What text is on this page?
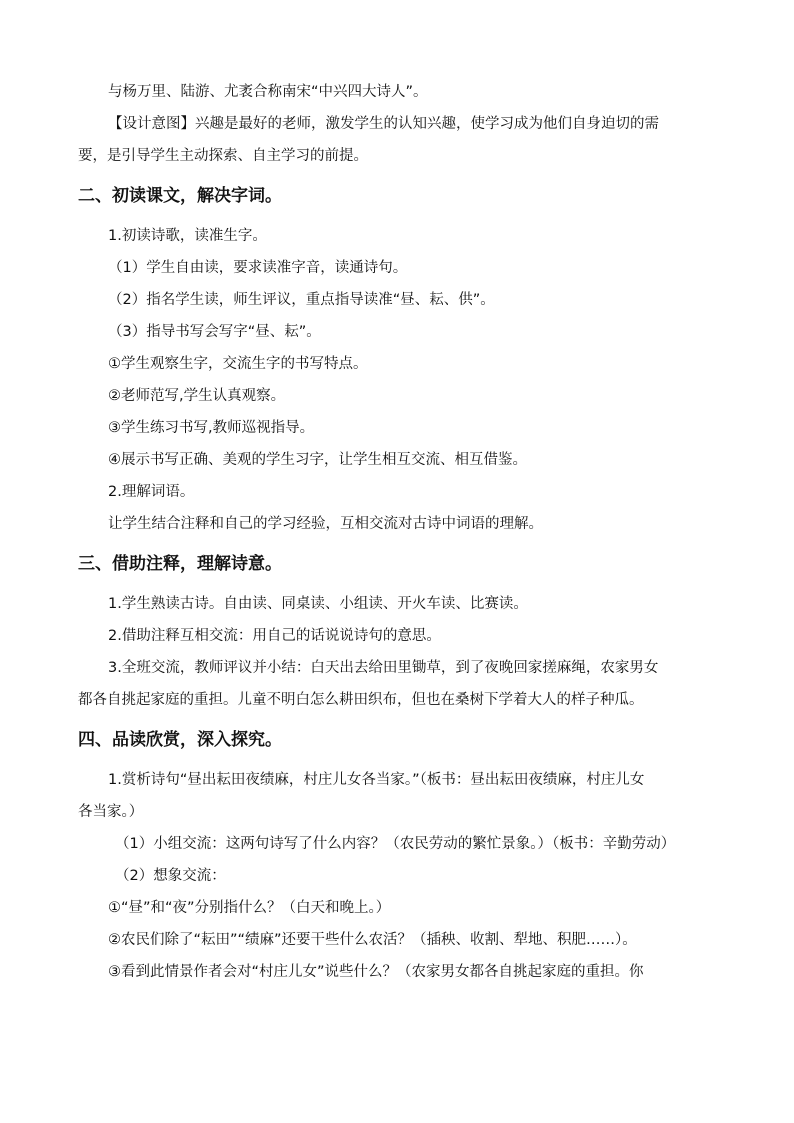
与杨万里、陆游、尤袤合称南宋“中兴四大诗人”。

【设计意图】兴趣是最好的老师，激发学生的认知兴趣，使学习成为他们自身迫切的需

要，是引导学生主动探索、自主学习的前提。

二、初读课文，解决字词。

1.初读诗歌，读准生字。

（1）学生自由读，要求读准字音，读通诗句。

（2）指名学生读，师生评议，重点指导读准“昼、耘、供”。

（3）指导书写会写字“昼、耘”。

①学生观察生字，交流生字的书写特点。

②老师范写,学生认真观察。

③学生练习书写,教师巡视指导。

④展示书写正确、美观的学生习字，让学生相互交流、相互借鉴。

2.理解词语。

让学生结合注释和自己的学习经验，互相交流对古诗中词语的理解。

三、借助注释，理解诗意。

1.学生熟读古诗。自由读、同桌读、小组读、开火车读、比赛读。

2.借助注释互相交流：用自己的话说说诗句的意思。

3.全班交流，教师评议并小结：白天出去给田里锄草，到了夜晚回家搓麻绳，农家男女

都各自挑起家庭的重担。儿童不明白怎么耕田织布，但也在桑树下学着大人的样子种瓜。

四、品读欣赏，深入探究。

1.赏析诗句“昼出耘田夜绩麻，村庄儿女各当家。”（板书：昼出耘田夜绩麻，村庄儿女

各当家。）

（1）小组交流：这两句诗写了什么内容？（农民劳动的繁忙景象。）（板书：辛勤劳动）

（2）想象交流：

①“昼”和“夜”分别指什么？（白天和晚上。）

②农民们除了“耘田”“绩麻”还要干些什么农活？（插秧、收割、犁地、积肥……）。

③看到此情景作者会对“村庄儿女”说些什么？（农家男女都各自挑起家庭的重担。你
